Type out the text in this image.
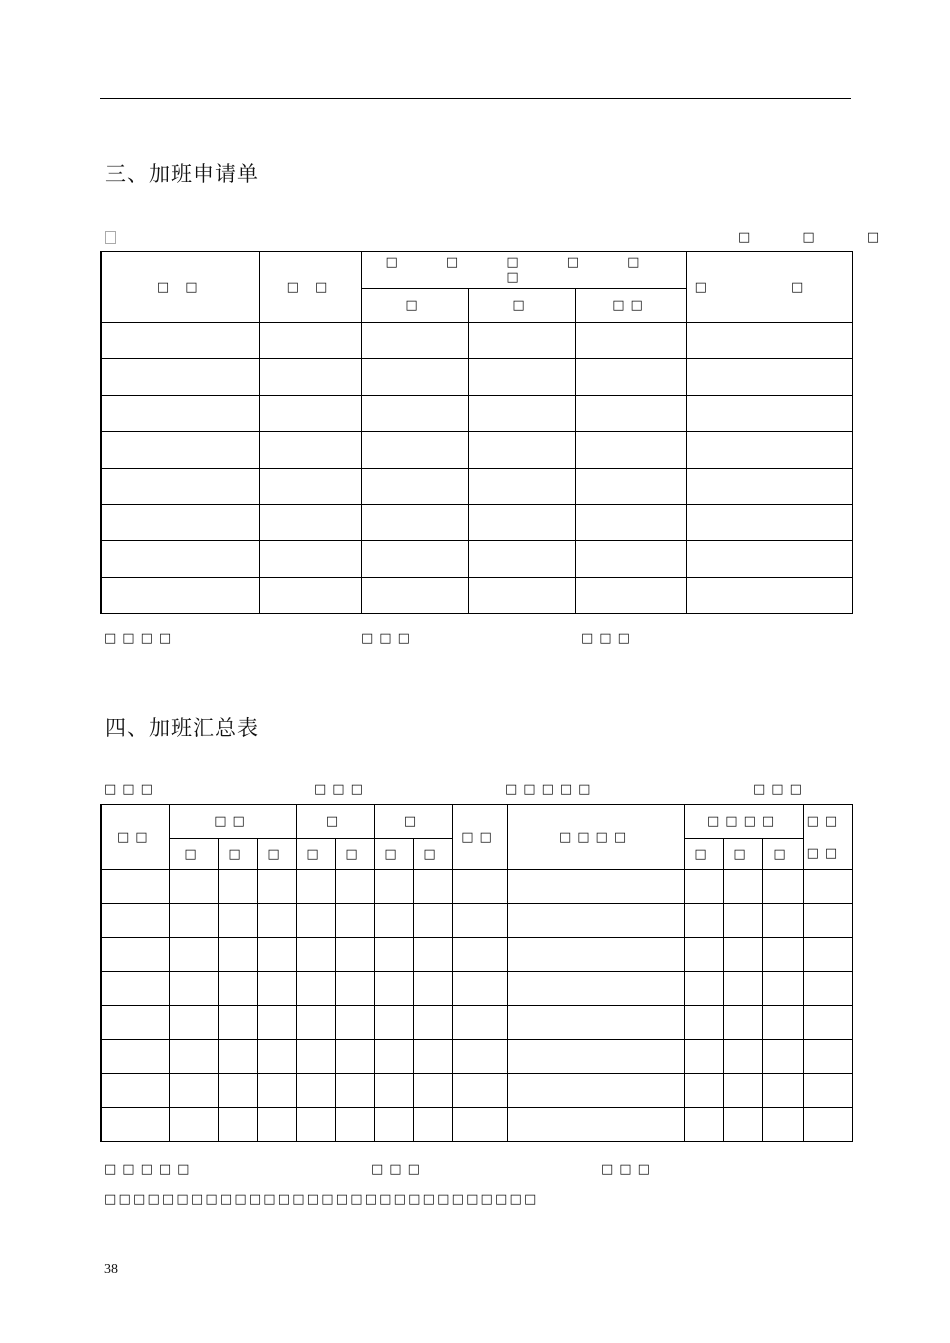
三、加班申请单
□ □ □
□ □	□ □	□ □ □ □ □ □			□ □
		□	□	□□	

□□□□	□□□	□□□
四、加班汇总表
□□□	□□□	□□□□□	□□□
□□	□□			□		□		□□	□□□□	□□□□			□□
	□	□	□	□	□	□	□			□	□	□	□□

□□□□□	□□□	□□□
□□□□□□□□□□□□□□□□□□□□□□□□□□□□□□
38
